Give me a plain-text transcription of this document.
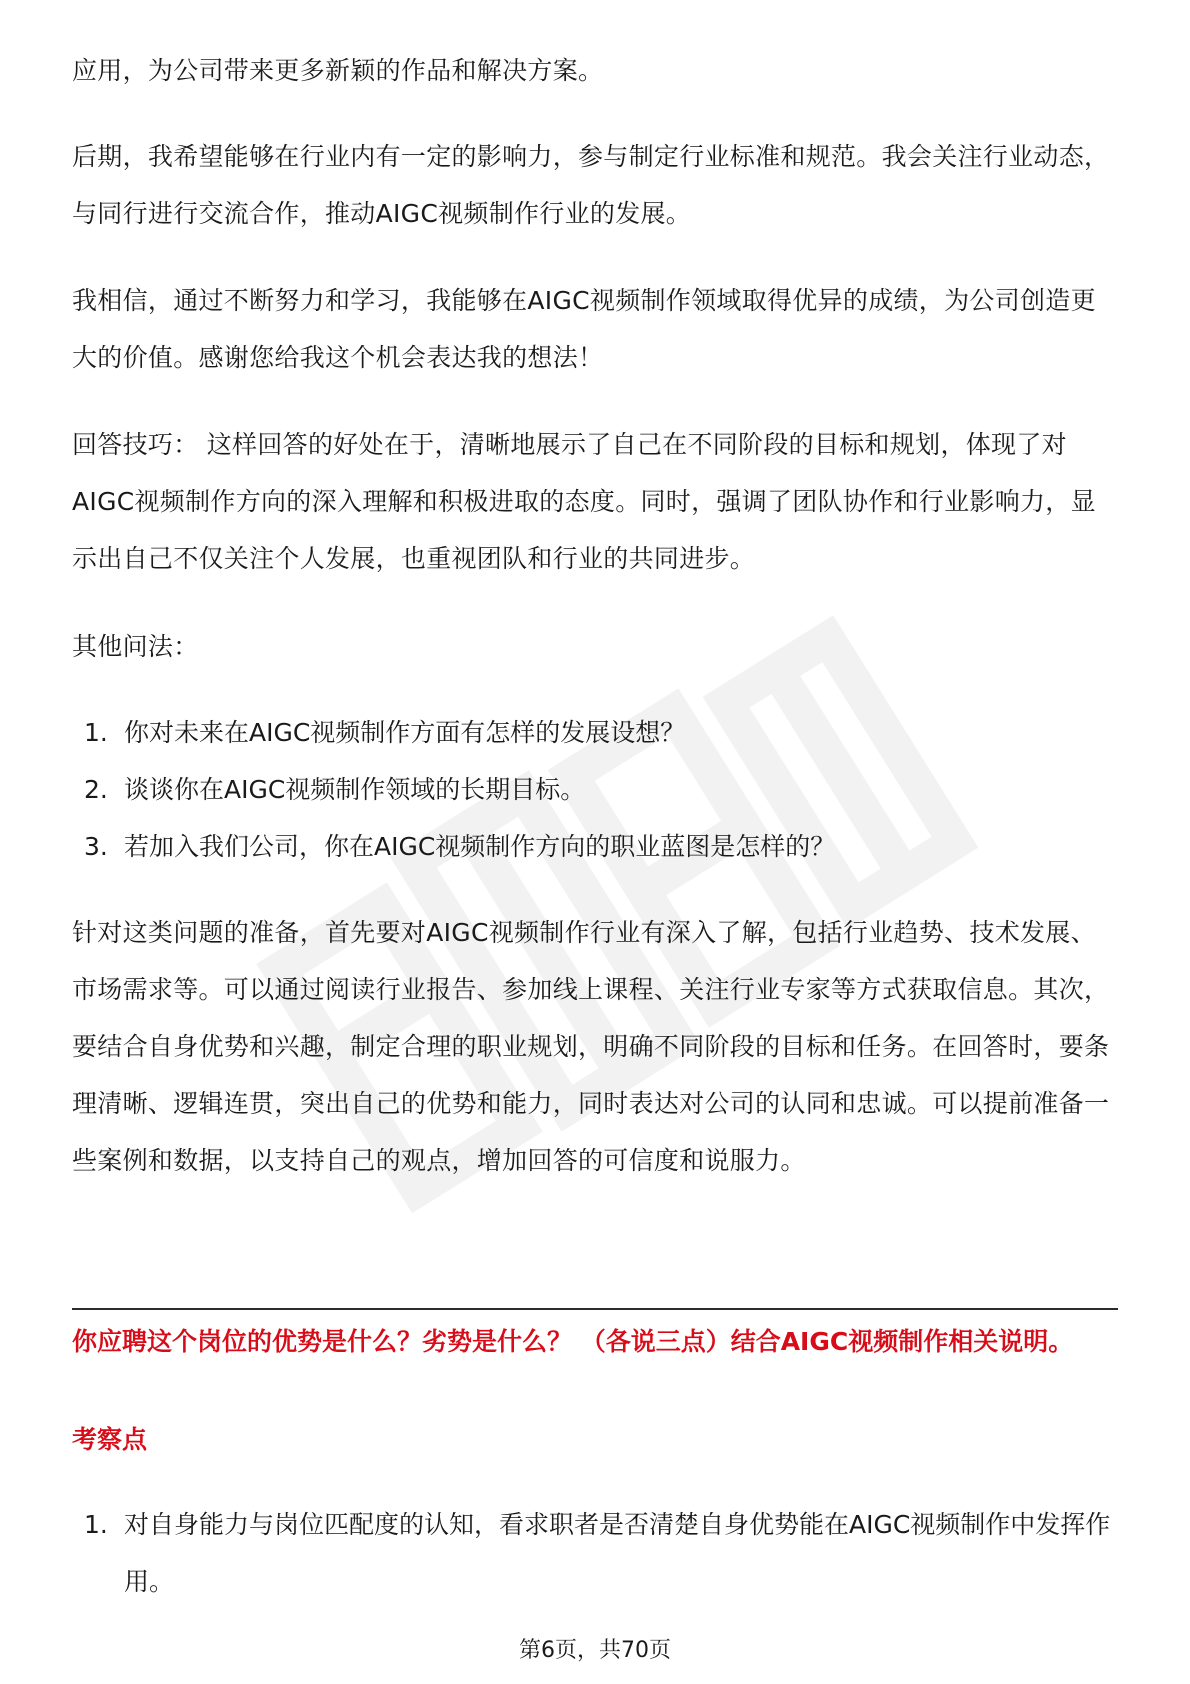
应用，为公司带来更多新颖的作品和解决方案。

后期，我希望能够在行业内有一定的影响力，参与制定行业标准和规范。我会关注行业动态，与同行进行交流合作，推动AIGC视频制作行业的发展。

我相信，通过不断努力和学习，我能够在AIGC视频制作领域取得优异的成绩，为公司创造更大的价值。感谢您给我这个机会表达我的想法！

回答技巧： 这样回答的好处在于，清晰地展示了自己在不同阶段的目标和规划，体现了对AIGC视频制作方向的深入理解和积极进取的态度。同时，强调了团队协作和行业影响力，显示出自己不仅关注个人发展，也重视团队和行业的共同进步。

其他问法：

1. 你对未来在AIGC视频制作方面有怎样的发展设想？
2. 谈谈你在AIGC视频制作领域的长期目标。
3. 若加入我们公司，你在AIGC视频制作方向的职业蓝图是怎样的？

针对这类问题的准备，首先要对AIGC视频制作行业有深入了解，包括行业趋势、技术发展、市场需求等。可以通过阅读行业报告、参加线上课程、关注行业专家等方式获取信息。其次，要结合自身优势和兴趣，制定合理的职业规划，明确不同阶段的目标和任务。在回答时，要条理清晰、逻辑连贯，突出自己的优势和能力，同时表达对公司的认同和忠诚。可以提前准备一些案例和数据，以支持自己的观点，增加回答的可信度和说服力。

你应聘这个岗位的优势是什么？劣势是什么？ （各说三点）结合AIGC视频制作相关说明。
考察点
1. 对自身能力与岗位匹配度的认知，看求职者是否清楚自身优势能在AIGC视频制作中发挥作用。
第6页，共70页
